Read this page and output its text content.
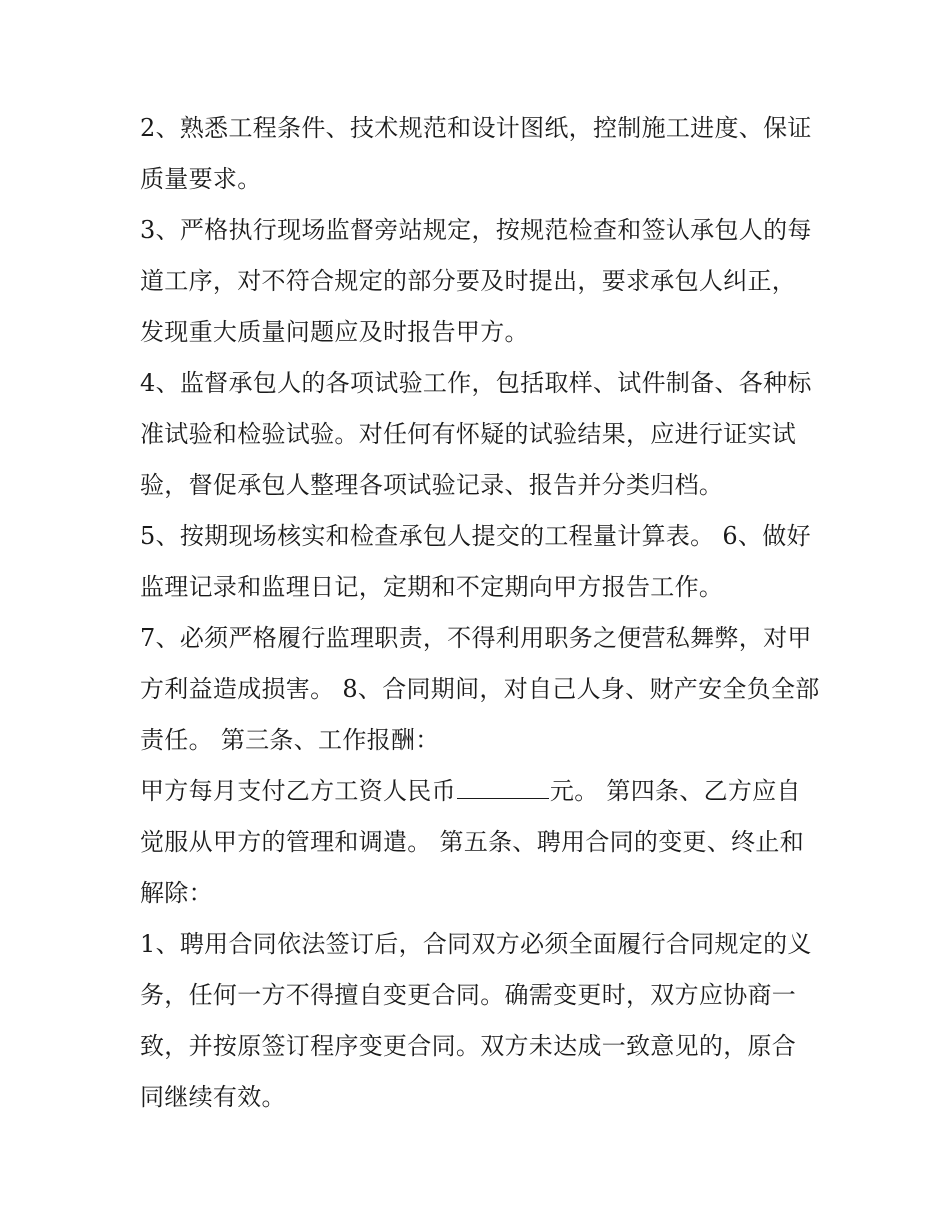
2、熟悉工程条件、技术规范和设计图纸，控制施工进度、保证质量要求。

3、严格执行现场监督旁站规定，按规范检查和签认承包人的每道工序，对不符合规定的部分要及时提出，要求承包人纠正，发现重大质量问题应及时报告甲方。

4、监督承包人的各项试验工作，包括取样、试件制备、各种标准试验和检验试验。对任何有怀疑的试验结果，应进行证实试验，督促承包人整理各项试验记录、报告并分类归档。

5、按期现场核实和检查承包人提交的工程量计算表。 6、做好监理记录和监理日记，定期和不定期向甲方报告工作。

7、必须严格履行监理职责，不得利用职务之便营私舞弊，对甲方利益造成损害。 8、合同期间，对自己人身、财产安全负全部责任。 第三条、工作报酬：

甲方每月支付乙方工资人民币	元。 第四条、乙方应自觉服从甲方的管理和调遣。 第五条、聘用合同的变更、终止和解除：

1、聘用合同依法签订后，合同双方必须全面履行合同规定的义务，任何一方不得擅自变更合同。确需变更时，双方应协商一致，并按原签订程序变更合同。双方未达成一致意见的，原合同继续有效。
